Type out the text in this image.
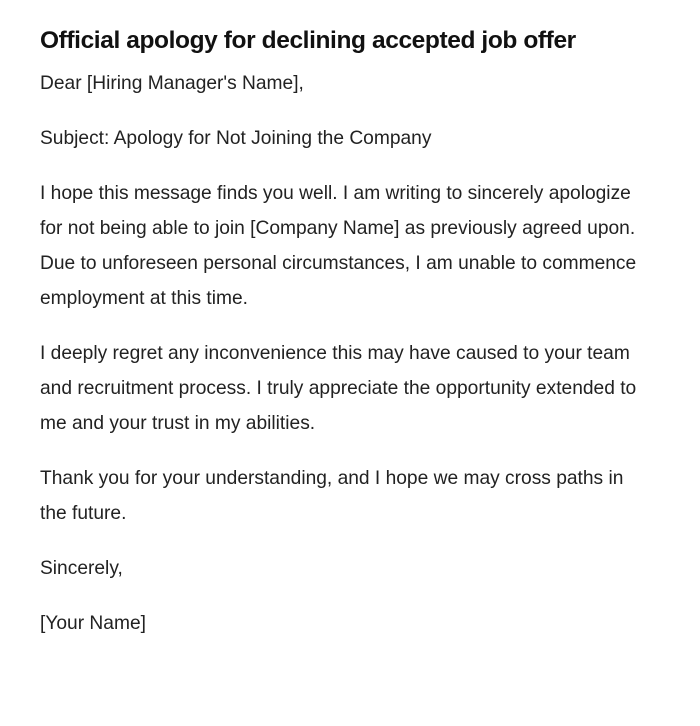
Official apology for declining accepted job offer

Dear [Hiring Manager's Name],

Subject: Apology for Not Joining the Company

I hope this message finds you well. I am writing to sincerely apologize for not being able to join [Company Name] as previously agreed upon. Due to unforeseen personal circumstances, I am unable to commence employment at this time.

I deeply regret any inconvenience this may have caused to your team and recruitment process. I truly appreciate the opportunity extended to me and your trust in my abilities.

Thank you for your understanding, and I hope we may cross paths in the future.

Sincerely,

[Your Name]
